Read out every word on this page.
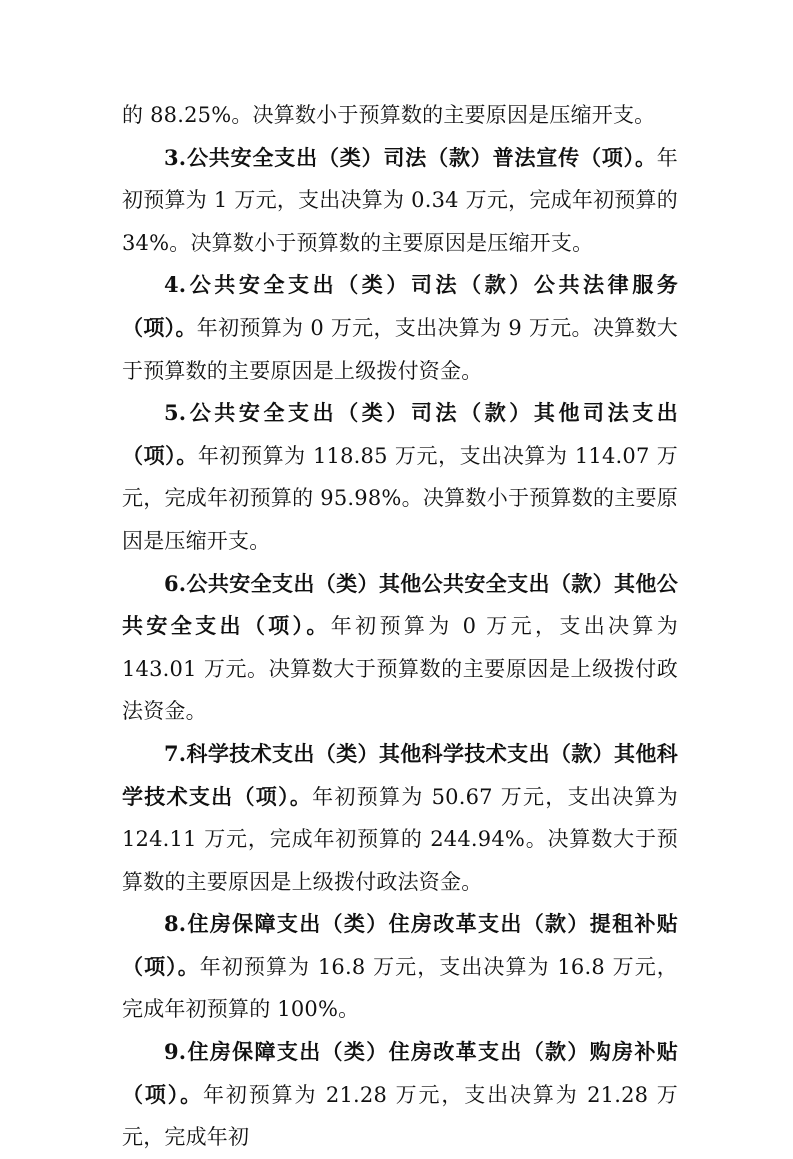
的 88.25%。决算数小于预算数的主要原因是压缩开支。

3.公共安全支出（类）司法（款）普法宣传（项）。年初预算为 1 万元，支出决算为 0.34 万元，完成年初预算的 34%。决算数小于预算数的主要原因是压缩开支。

4.公共安全支出（类）司法（款）公共法律服务（项）。年初预算为 0 万元，支出决算为 9 万元。决算数大于预算数的主要原因是上级拨付资金。

5.公共安全支出（类）司法（款）其他司法支出（项）。年初预算为 118.85 万元，支出决算为 114.07 万元，完成年初预算的 95.98%。决算数小于预算数的主要原因是压缩开支。

6.公共安全支出（类）其他公共安全支出（款）其他公共安全支出（项）。年初预算为 0 万元，支出决算为 143.01 万元。决算数大于预算数的主要原因是上级拨付政法资金。

7.科学技术支出（类）其他科学技术支出（款）其他科学技术支出（项）。年初预算为 50.67 万元，支出决算为 124.11 万元，完成年初预算的 244.94%。决算数大于预算数的主要原因是上级拨付政法资金。

8.住房保障支出（类）住房改革支出（款）提租补贴（项）。年初预算为 16.8 万元，支出决算为 16.8 万元，完成年初预算的 100%。

9.住房保障支出（类）住房改革支出（款）购房补贴（项）。年初预算为 21.28 万元，支出决算为 21.28 万元，完成年初
